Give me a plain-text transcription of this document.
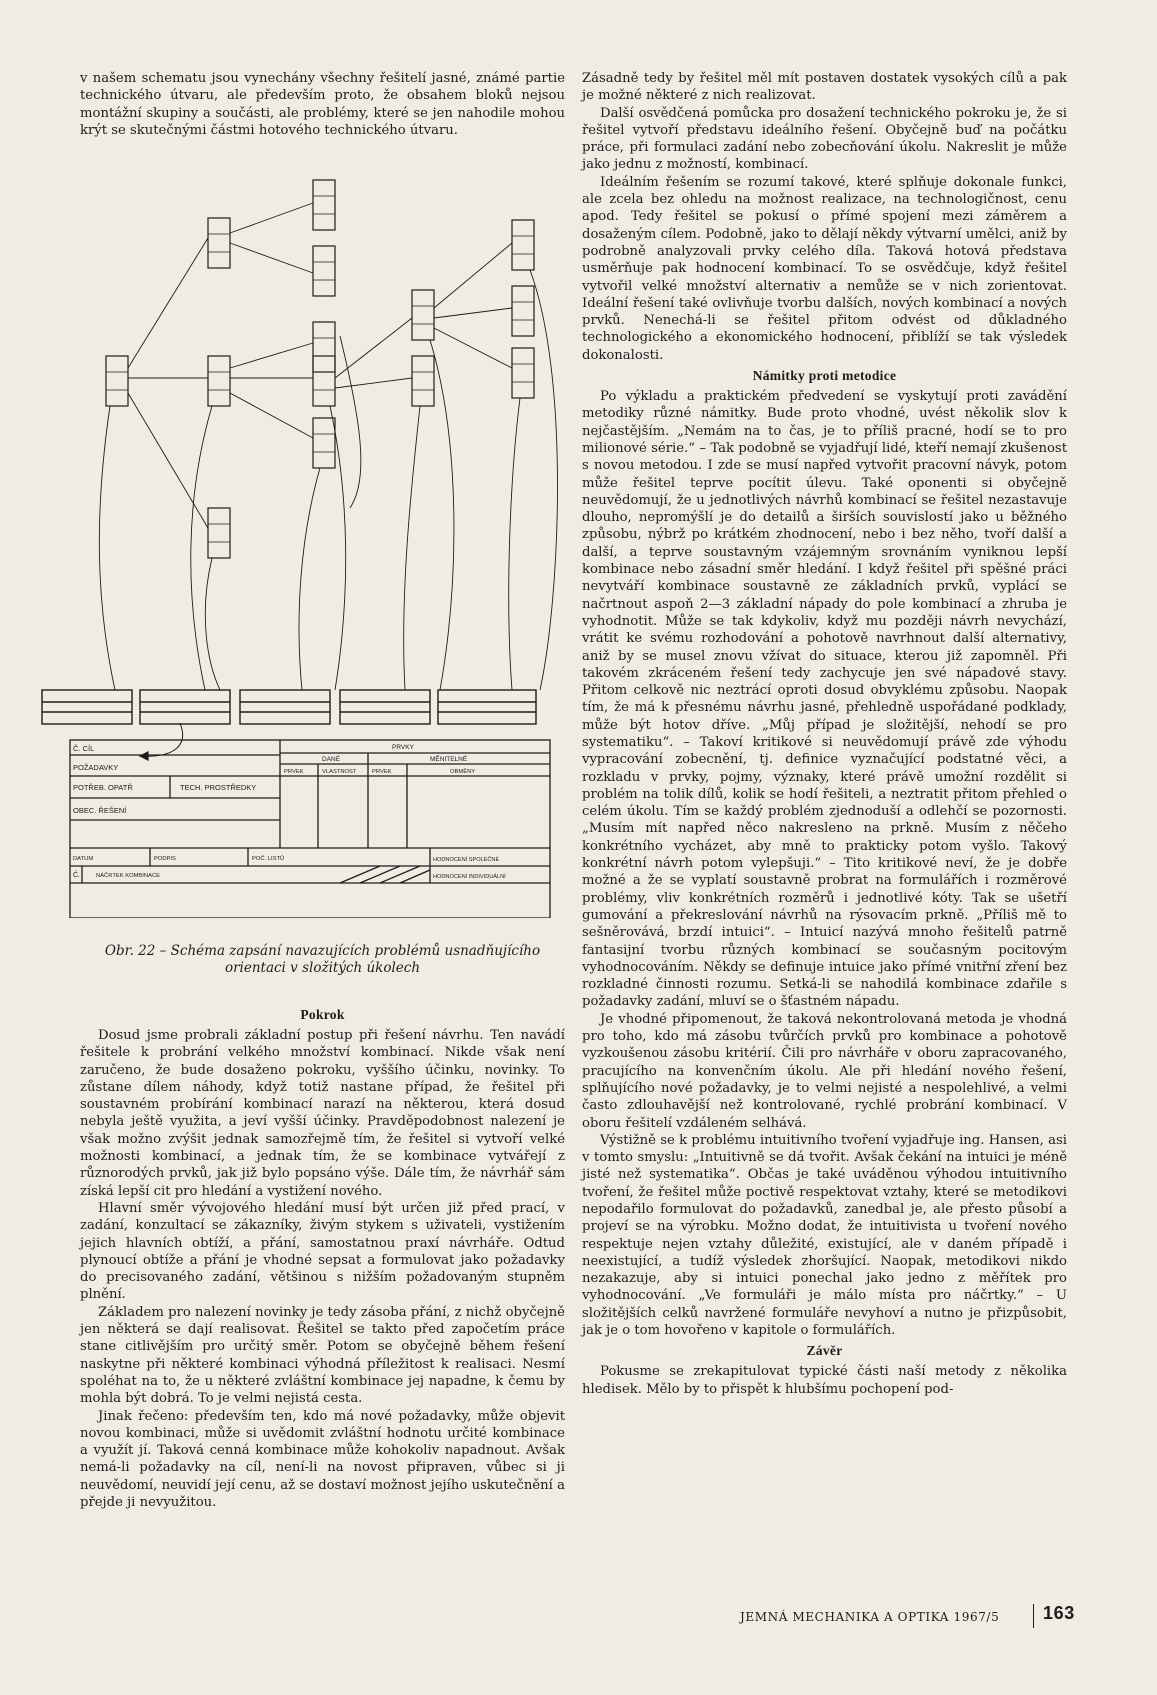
v našem schematu jsou vynechány všechny řešitelí jasné, známé partie technického útvaru, ale především proto, že obsahem bloků nejsou montážní skupiny a součásti, ale problémy, které se jen nahodile mohou krýt se skutečnými částmi hotového technického útvaru.

Č. CÍL
POŽADAVKY
POTŘEB. OPATŘ	TECH. PROSTŘEDKY
OBEC. ŘEŠENÍ
PRVKY
DANÉ	MĚNITELNÉ
PRVEK	VLASTNOST	PRVEK	OBMĚNY
DATUM	PODPIS	POČ. LISTŮ
Č.	NÁČRTEK KOMBINACE
HODNOCENÍ SPOLEČNÉ
HODNOCENÍ INDIVIDUÁLNÍ
Obr. 22 – Schéma zapsání navazujících problémů usnadňujícího
orientaci v složitých úkolech
Pokrok

Dosud jsme probrali základní postup při řešení návrhu. Ten navádí řešitele k probrání velkého množství kombinací. Nikde však není zaručeno, že bude dosaženo pokroku, vyššího účinku, novinky. To zůstane dílem náhody, když totiž nastane případ, že řešitel při soustavném probírání kombinací narazí na některou, která dosud nebyla ještě využita, a jeví vyšší účinky. Pravděpodobnost nalezení je však možno zvýšit jednak samozřejmě tím, že řešitel si vytvoří velké možnosti kombinací, a jednak tím, že se kombinace vytvářejí z různorodých prvků, jak již bylo popsáno výše. Dále tím, že návrhář sám získá lepší cit pro hledání a vystižení nového.

Hlavní směr vývojového hledání musí být určen již před prací, v zadání, konzultací se zákazníky, živým stykem s uživateli, vystižením jejich hlavních obtíží, a přání, samostatnou praxí návrháře. Odtud plynoucí obtíže a přání je vhodné sepsat a formulovat jako požadavky do precisovaného zadání, většinou s nižším požadovaným stupněm plnění.

Základem pro nalezení novinky je tedy zásoba přání, z nichž obyčejně jen některá se dají realisovat. Řešitel se takto před započetím práce stane citlivějším pro určitý směr. Potom se obyčejně během řešení naskytne při některé kombinaci výhodná příležitost k realisaci. Nesmí spoléhat na to, že u některé zvláštní kombinace jej napadne, k čemu by mohla být dobrá. To je velmi nejistá cesta.

Jinak řečeno: především ten, kdo má nové požadavky, může objevit novou kombinaci, může si uvědomit zvláštní hodnotu určité kombinace a využít jí. Taková cenná kombinace může kohokoliv napadnout. Avšak nemá-li požadavky na cíl, není-li na novost připraven, vůbec si ji neuvědomí, neuvidí její cenu, až se dostaví možnost jejího uskutečnění a přejde ji nevyužitou.

Zásadně tedy by řešitel měl mít postaven dostatek vysokých cílů a pak je možné některé z nich realizovat.

Další osvědčená pomůcka pro dosažení technického pokroku je, že si řešitel vytvoří představu ideálního řešení. Obyčejně buď na počátku práce, při formulaci zadání nebo zobecňování úkolu. Nakreslit je může jako jednu z možností, kombinací.

Ideálním řešením se rozumí takové, které splňuje dokonale funkci, ale zcela bez ohledu na možnost realizace, na technologičnost, cenu apod. Tedy řešitel se pokusí o přímé spojení mezi záměrem a dosaženým cílem. Podobně, jako to dělají někdy výtvarní umělci, aniž by podrobně analyzovali prvky celého díla. Taková hotová představa usměrňuje pak hodnocení kombinací. To se osvědčuje, když řešitel vytvořil velké množství alternativ a nemůže se v nich zorientovat. Ideální řešení také ovlivňuje tvorbu dalších, nových kombinací a nových prvků. Nenechá-li se řešitel přitom odvést od důkladného technologického a ekonomického hodnocení, přiblíží se tak výsledek dokonalosti.

Námitky proti metodice

Po výkladu a praktickém předvedení se vyskytují proti zavádění metodiky různé námitky. Bude proto vhodné, uvést několik slov k nejčastějším. „Nemám na to čas, je to příliš pracné, hodí se to pro milionové série.“ – Tak podobně se vyjadřují lidé, kteří nemají zkušenost s novou metodou. I zde se musí napřed vytvořit pracovní návyk, potom může řešitel teprve pocítit úlevu. Také oponenti si obyčejně neuvědomují, že u jednotlivých návrhů kombinací se řešitel nezastavuje dlouho, nepromýšlí je do detailů a širších souvislostí jako u běžného způsobu, nýbrž po krátkém zhodnocení, nebo i bez něho, tvoří další a další, a teprve soustavným vzájemným srovnáním vyniknou lepší kombinace nebo zásadní směr hledání. I když řešitel při spěšné práci nevytváří kombinace soustavně ze základních prvků, vyplácí se načrtnout aspoň 2—3 základní nápady do pole kombinací a zhruba je vyhodnotit. Může se tak kdykoliv, když mu později návrh nevychází, vrátit ke svému rozhodování a pohotově navrhnout další alternativy, aniž by se musel znovu vžívat do situace, kterou již zapomněl. Při takovém zkráceném řešení tedy zachycuje jen své nápadové stavy. Přitom celkově nic neztrácí oproti dosud obvyklému způsobu. Naopak tím, že má k přesnému návrhu jasné, přehledně uspořádané podklady, může být hotov dříve. „Můj případ je složitější, nehodí se pro systematiku“. – Takoví kritikové si neuvědomují právě zde výhodu vypracování zobecnění, tj. definice vyznačující podstatné věci, a rozkladu v prvky, pojmy, význaky, které právě umožní rozdělit si problém na tolik dílů, kolik se hodí řešiteli, a neztratit přitom přehled o celém úkolu. Tím se každý problém zjednoduší a odlehčí se pozornosti. „Musím mít napřed něco nakresleno na prkně. Musím z něčeho konkrétního vycházet, aby mně to prakticky potom vyšlo. Takový konkrétní návrh potom vylepšuji.“ – Tito kritikové neví, že je dobře možné a že se vyplatí soustavně probrat na formulářích i rozměrové problémy, vliv konkrétních rozměrů i jednotlivé kóty. Tak se ušetří gumování a překreslování návrhů na rýsovacím prkně. „Příliš mě to sešněrovává, brzdí intuici“. – Intuicí nazývá mnoho řešitelů patrně fantasijní tvorbu různých kombinací se současným pocitovým vyhodnocováním. Někdy se definuje intuice jako přímé vnitřní zření bez rozkladné činnosti rozumu. Setká-li se nahodilá kombinace zdařile s požadavky zadání, mluví se o šťastném nápadu.

Je vhodné připomenout, že taková nekontrolovaná metoda je vhodná pro toho, kdo má zásobu tvůrčích prvků pro kombinace a pohotově vyzkoušenou zásobu kritérií. Čili pro návrháře v oboru zapracovaného, pracujícího na konvenčním úkolu. Ale při hledání nového řešení, splňujícího nové požadavky, je to velmi nejisté a nespolehlivé, a velmi často zdlouhavější než kontrolované, rychlé probrání kombinací. V oboru řešitelí vzdáleném selhává.

Výstižně se k problému intuitivního tvoření vyjadřuje ing. Hansen, asi v tomto smyslu: „Intuitivně se dá tvořit. Avšak čekání na intuici je méně jisté než systematika“. Občas je také uváděnou výhodou intuitivního tvoření, že řešitel může poctivě respektovat vztahy, které se metodikovi nepodařilo formulovat do požadavků, zanedbal je, ale přesto působí a projeví se na výrobku. Možno dodat, že intuitivista u tvoření nového respektuje nejen vztahy důležité, existující, ale v daném případě i neexistující, a tudíž výsledek zhoršující. Naopak, metodikovi nikdo nezakazuje, aby si intuici ponechal jako jedno z měřítek pro vyhodnocování. „Ve formuláři je málo místa pro náčrtky.“ – U složitějších celků navržené formuláře nevyhoví a nutno je přizpůsobit, jak je o tom hovořeno v kapitole o formulářích.

Závěr

Pokusme se zrekapitulovat typické části naší metody z několika hledisek. Mělo by to přispět k hlubšímu pochopení pod-

JEMNÁ MECHANIKA A OPTIKA 1967/5 163
